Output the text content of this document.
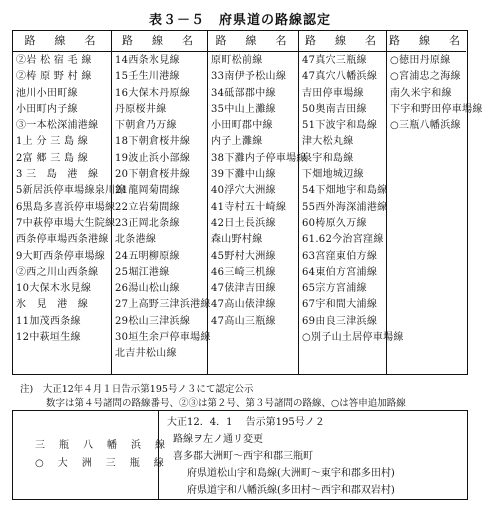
表３－５　府県道の路線認定
路　線　名
②岩 松 宿 毛 線
②梼 原 野 村 線
池川小田町線
小田町内子線
③一本松深浦港線
1上 分 三 島 線
2富 郷 三 島 線
3 三　島　港　線
5新居浜停車場線泉川線
6黒島多喜浜停車場線
7中萩停車場大生院線
西条停車場西条港線
9大町西条停車場線
②西之川山西条線
10大保木氷見線
氷　見　港　線
11加茂西条線
12中萩垣生線
路　線　名
14西条氷見線
15壬生川港線
16大保木丹原線
丹原桜井線
下朝倉乃万線
18下朝倉桜井線
19波止浜小部線
20下朝倉桜井線
21龍岡菊間線
22立岩菊間線
23正岡北条線
北条港線
24五明柳原線
25堀江港線
26湯山松山線
27上高野三津浜港線
29松山三津浜線
30垣生余戸停車場線
北吉井松山線
路　線　名
原町松前線
33南伊予松山線
34砥部郡中線
35中山上灘線
小田町郡中線
内子上灘線
38下灘内子停車場線
39下灘中山線
40浮穴大洲線
41寺村五十崎線
42日土長浜線
森山野村線
45野村大洲線
46三崎三机線
47俵津吉田線
47高山俵津線
47高山三瓶線
路　線　名
47真穴三瓶線
47真穴八幡浜線
吉田停車場線
50奥南吉田線
51下波宇和島線
津大松丸線
泉宇和島線
下畑地城辺線
54下畑地宇和島線
55西外海深浦港線
60梼原久万線
61.62今治宮窪線
63宮窪東伯方線
64東伯方宮浦線
65宗方宮浦線
67宇和間大浦線
69由良三津浜線
○別子山土居停車場線
路　線　名
○徳田丹原線
○宮浦忠之海線
南久米宇和線
下宇和野田停車場線
○三瓶八幡浜線
注)　大正12年４月１日告示第195号ノ３にて認定公示
数字は第４号諸問の路線番号、②③は第２号、第３号諸問の路線、○は答申追加路線
三　瓶　八　幡　浜　線
○　大　洲　三　瓶　線
大正12．4．1　 告示第195号ノ２
路線ヲ左ノ通リ変更
喜多郡大洲町～西宇和郡三瓶町
府県道松山宇和島線(大洲町～東宇和郡多田村)
府県道宇和八幡浜線(多田村～西宇和郡双岩村)
